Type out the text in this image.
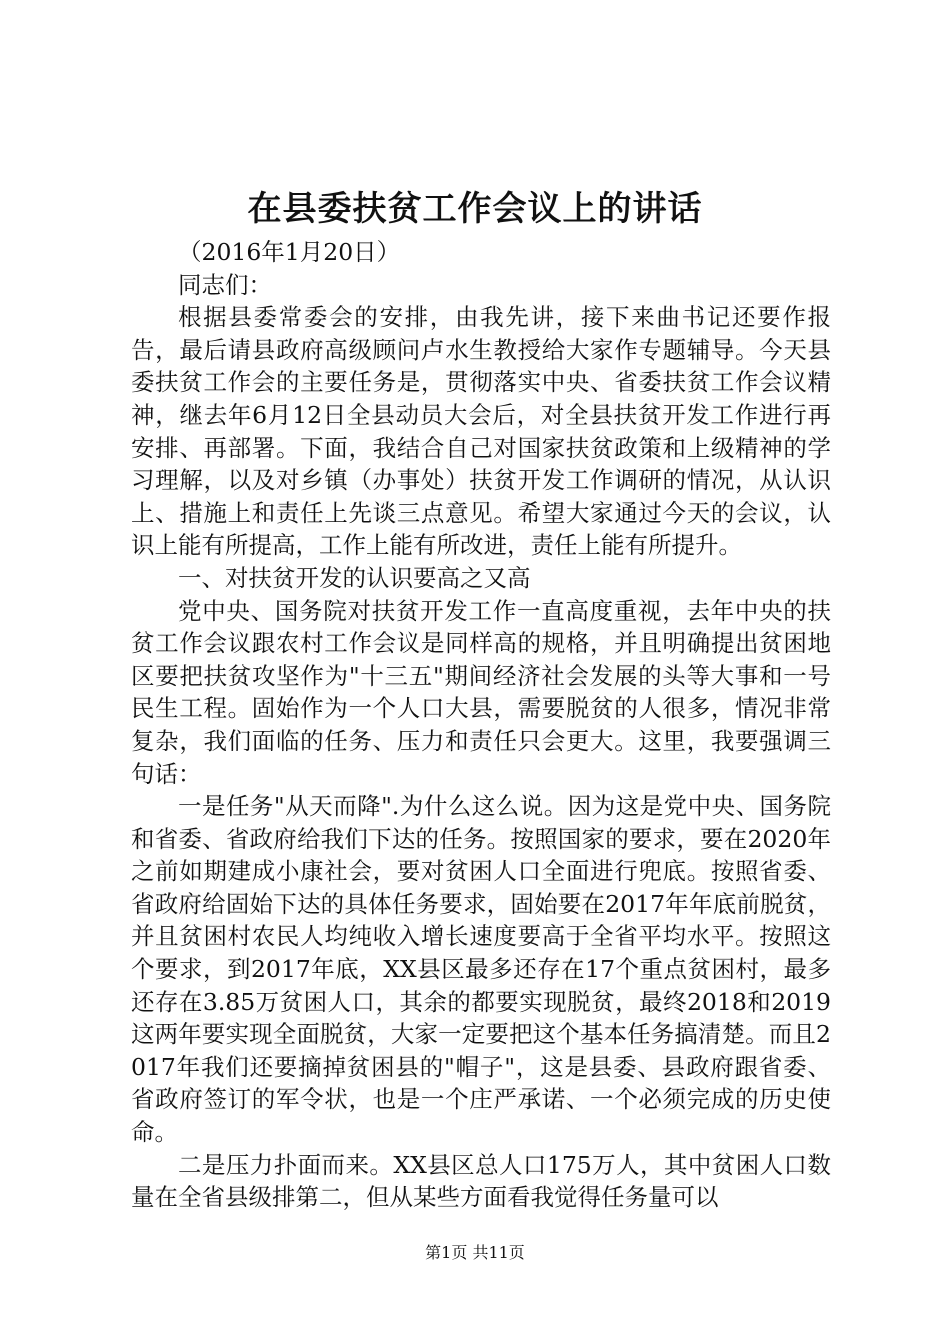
在县委扶贫工作会议上的讲话

（2016年1月20日）

同志们：

根据县委常委会的安排，由我先讲，接下来曲书记还要作报告，最后请县政府高级顾问卢水生教授给大家作专题辅导。今天县委扶贫工作会的主要任务是，贯彻落实中央、省委扶贫工作会议精神，继去年6月12日全县动员大会后，对全县扶贫开发工作进行再安排、再部署。下面，我结合自己对国家扶贫政策和上级精神的学习理解，以及对乡镇（办事处）扶贫开发工作调研的情况，从认识上、措施上和责任上先谈三点意见。希望大家通过今天的会议，认识上能有所提高，工作上能有所改进，责任上能有所提升。

一、对扶贫开发的认识要高之又高

党中央、国务院对扶贫开发工作一直高度重视，去年中央的扶贫工作会议跟农村工作会议是同样高的规格，并且明确提出贫困地区要把扶贫攻坚作为"十三五"期间经济社会发展的头等大事和一号民生工程。固始作为一个人口大县，需要脱贫的人很多，情况非常复杂，我们面临的任务、压力和责任只会更大。这里，我要强调三句话：

一是任务"从天而降".为什么这么说。因为这是党中央、国务院和省委、省政府给我们下达的任务。按照国家的要求，要在2020年之前如期建成小康社会，要对贫困人口全面进行兜底。按照省委、省政府给固始下达的具体任务要求，固始要在2017年年底前脱贫，并且贫困村农民人均纯收入增长速度要高于全省平均水平。按照这个要求，到2017年底，XX县区最多还存在17个重点贫困村，最多还存在3.85万贫困人口，其余的都要实现脱贫，最终2018和2019这两年要实现全面脱贫，大家一定要把这个基本任务搞清楚。而且2017年我们还要摘掉贫困县的"帽子"，这是县委、县政府跟省委、省政府签订的军令状，也是一个庄严承诺、一个必须完成的历史使命。

二是压力扑面而来。XX县区总人口175万人，其中贫困人口数量在全省县级排第二，但从某些方面看我觉得任务量可以

第1页 共11页
